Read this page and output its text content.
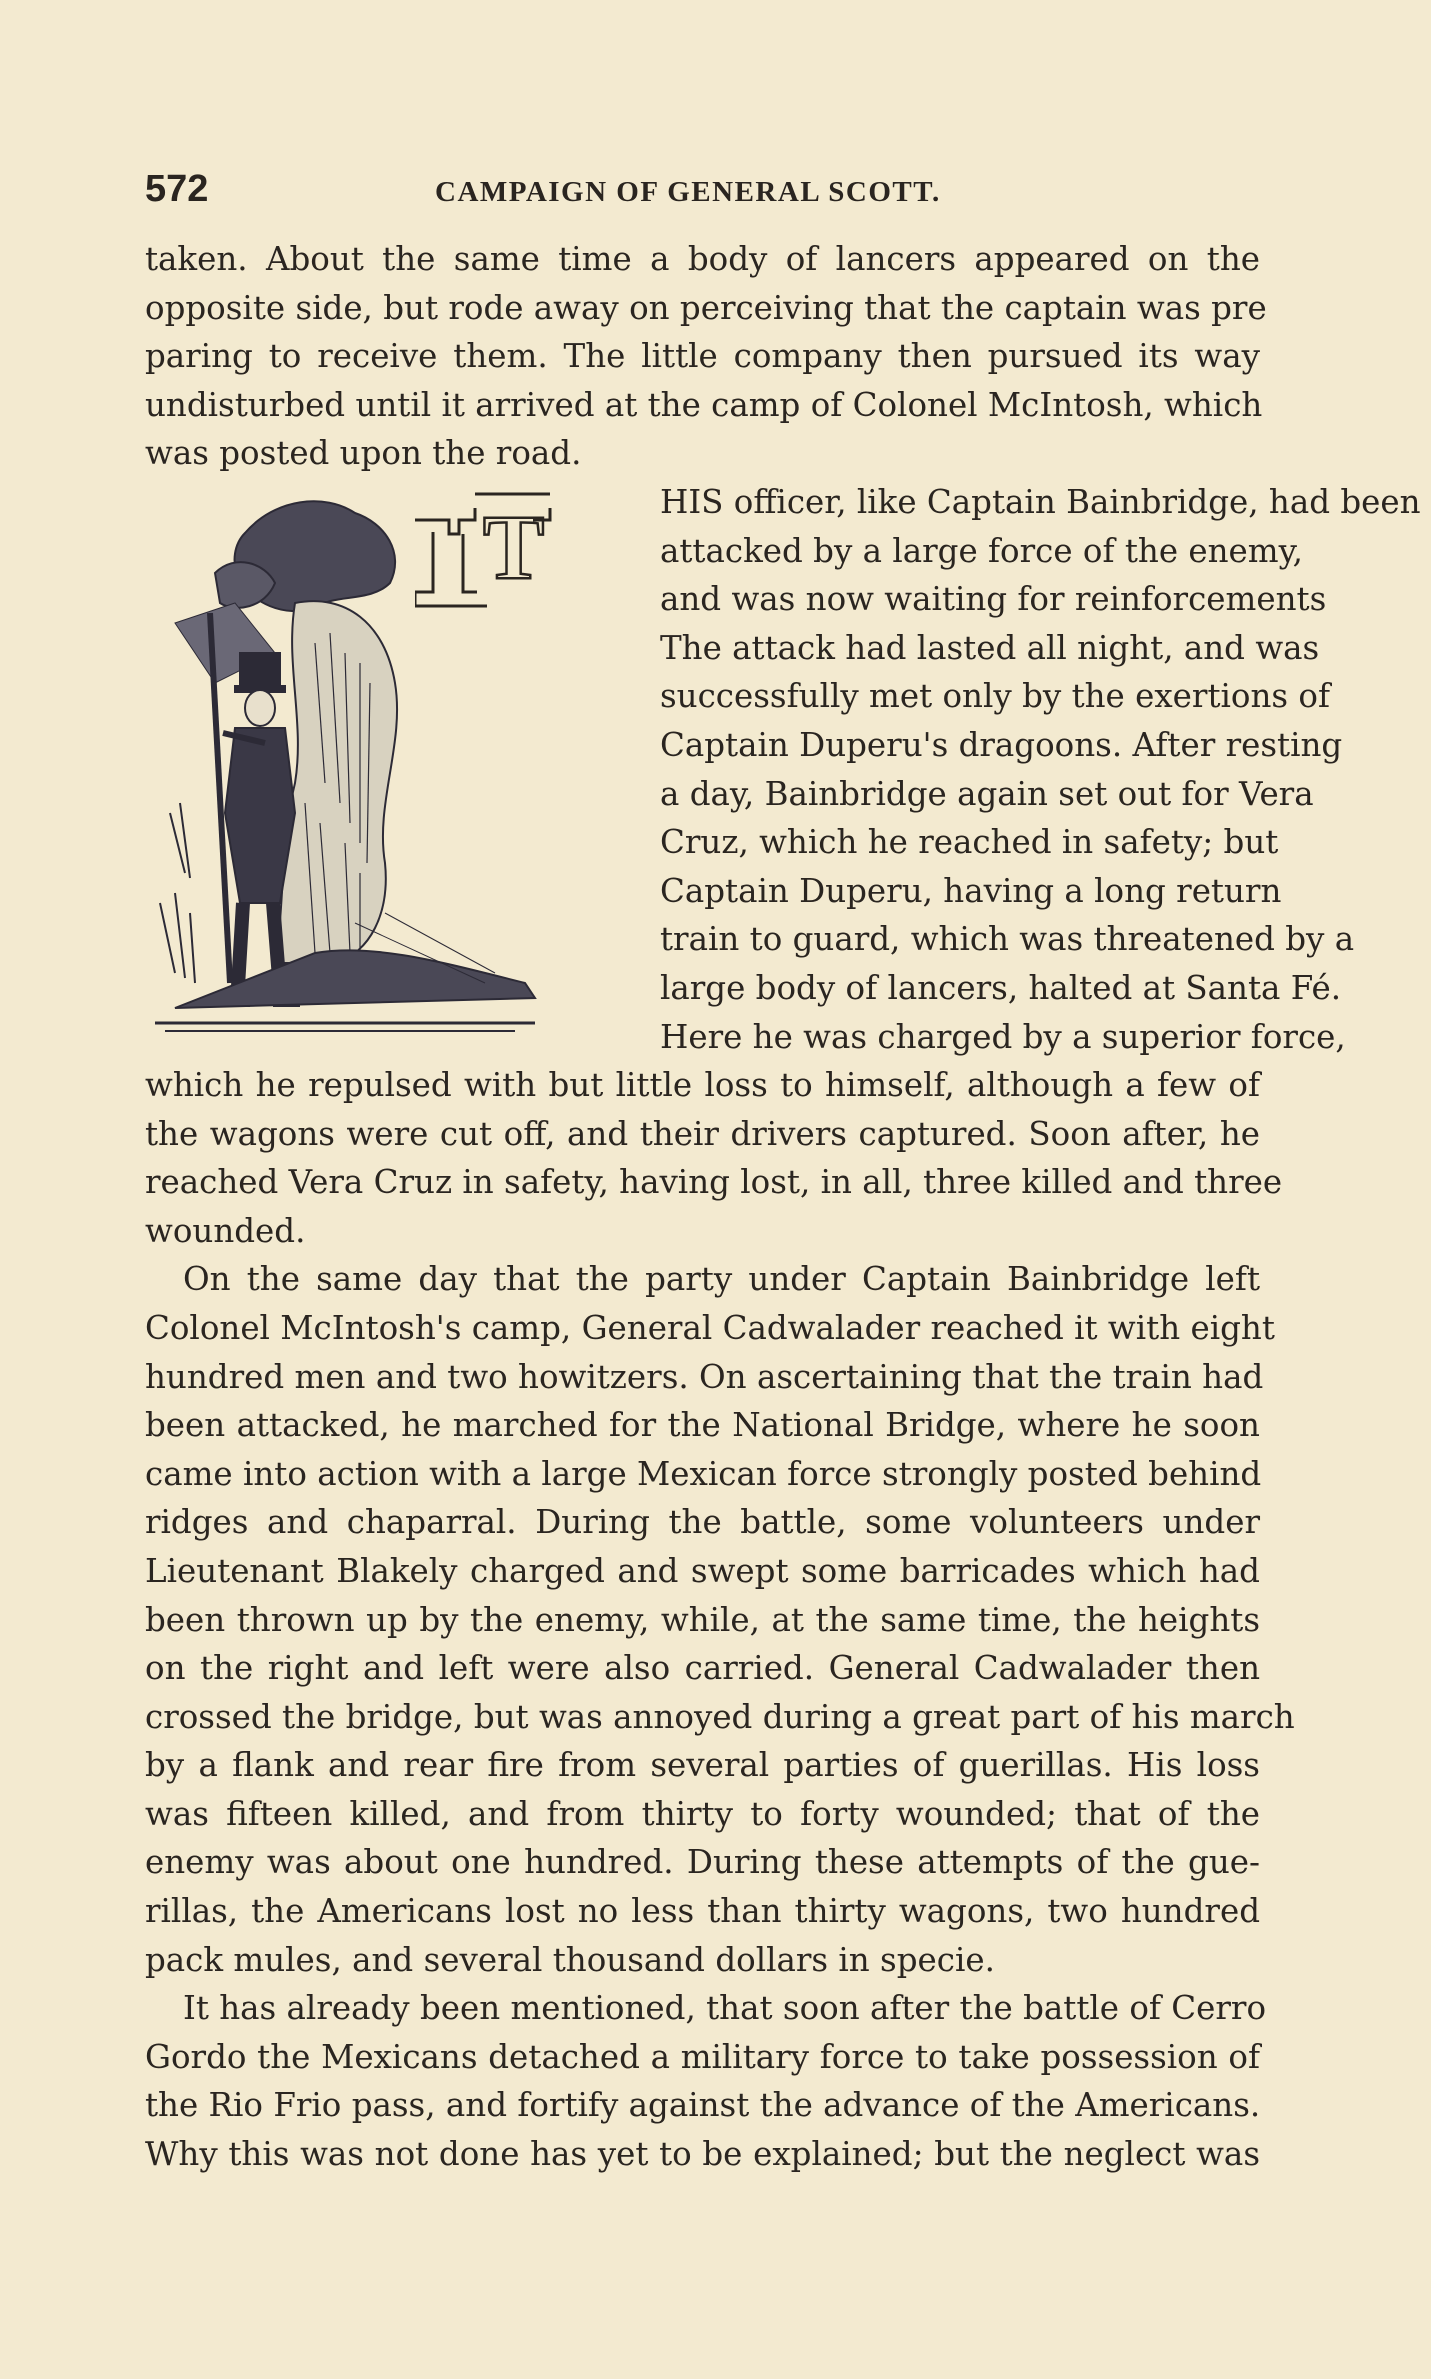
572	CAMPAIGN OF GENERAL SCOTT.
taken. About the same time a body of lancers appeared on the
opposite side, but rode away on perceiving that the captain was pre
paring to receive them. The little company then pursued its way
undisturbed until it arrived at the camp of Colonel McIntosh, which
was posted upon the road.
T	HIS officer, like Captain Bainbridge, had been
attacked by a large force of the enemy,
and was now waiting for reinforcements
The attack had lasted all night, and was
successfully met only by the exertions of
Captain Duperu's dragoons. After resting
a day, Bainbridge again set out for Vera
Cruz, which he reached in safety; but
Captain Duperu, having a long return
train to guard, which was threatened by a
large body of lancers, halted at Santa Fé.
Here he was charged by a superior force,
which he repulsed with but little loss to himself, although a few of
the wagons were cut off, and their drivers captured. Soon after, he
reached Vera Cruz in safety, having lost, in all, three killed and three
wounded.
On the same day that the party under Captain Bainbridge left
Colonel McIntosh's camp, General Cadwalader reached it with eight
hundred men and two howitzers. On ascertaining that the train had
been attacked, he marched for the National Bridge, where he soon
came into action with a large Mexican force strongly posted behind
ridges and chaparral. During the battle, some volunteers under
Lieutenant Blakely charged and swept some barricades which had
been thrown up by the enemy, while, at the same time, the heights
on the right and left were also carried. General Cadwalader then
crossed the bridge, but was annoyed during a great part of his march
by a flank and rear fire from several parties of guerillas. His loss
was fifteen killed, and from thirty to forty wounded; that of the
enemy was about one hundred. During these attempts of the gue-
rillas, the Americans lost no less than thirty wagons, two hundred
pack mules, and several thousand dollars in specie.
It has already been mentioned, that soon after the battle of Cerro
Gordo the Mexicans detached a military force to take possession of
the Rio Frio pass, and fortify against the advance of the Americans.
Why this was not done has yet to be explained; but the neglect was
